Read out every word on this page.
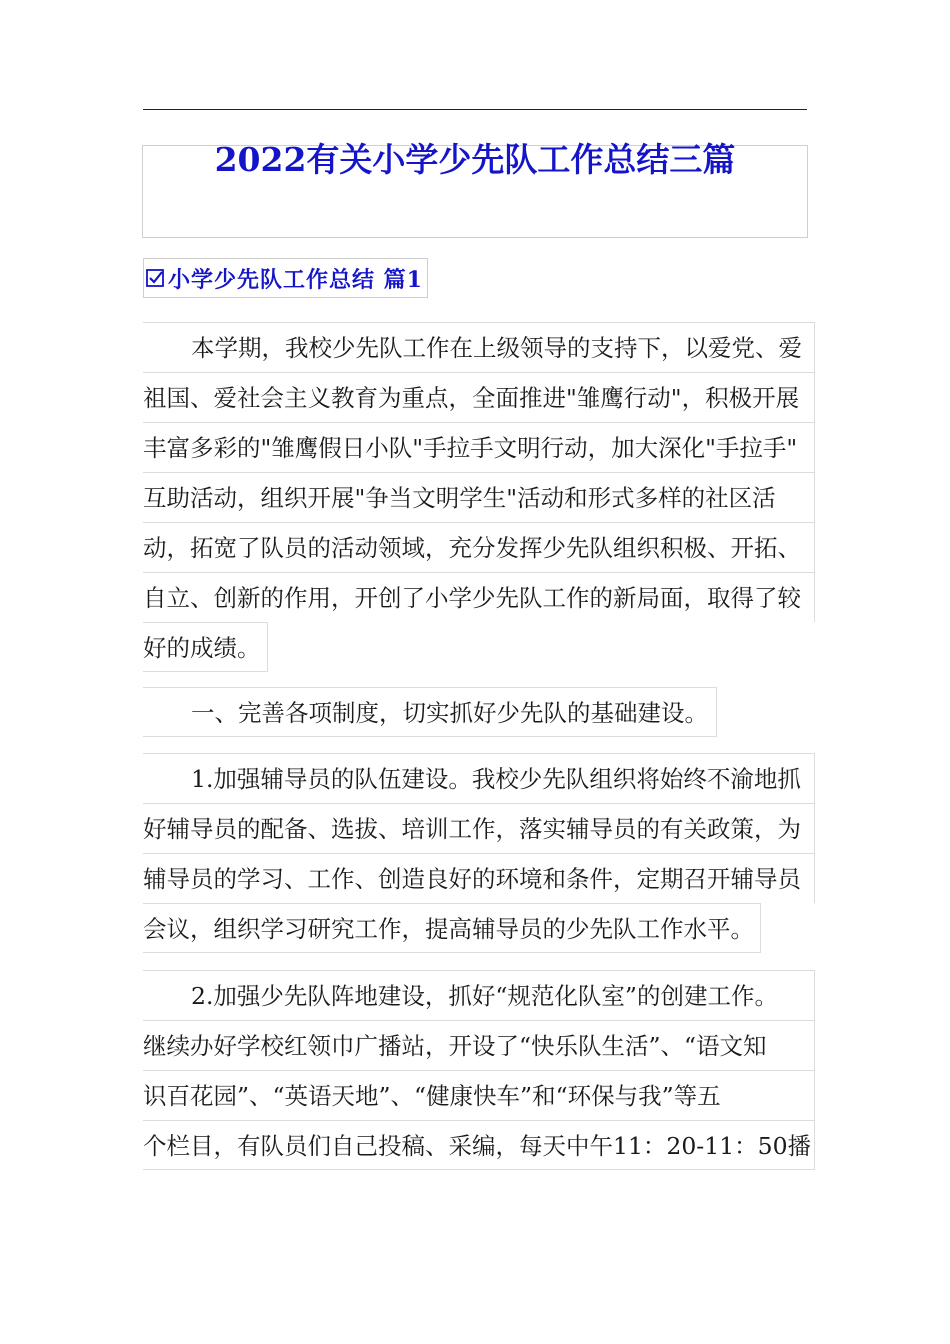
2022有关小学少先队工作总结三篇
小学少先队工作总结 篇1
本学期，我校少先队工作在上级领导的支持下，以爱党、爱
祖国、爱社会主义教育为重点，全面推进"雏鹰行动"，积极开展
丰富多彩的"雏鹰假日小队"手拉手文明行动，加大深化"手拉手"
互助活动，组织开展"争当文明学生"活动和形式多样的社区活
动，拓宽了队员的活动领域，充分发挥少先队组织积极、开拓、
自立、创新的作用，开创了小学少先队工作的新局面，取得了较
好的成绩。
一、完善各项制度，切实抓好少先队的基础建设。
1.加强辅导员的队伍建设。我校少先队组织将始终不渝地抓
好辅导员的配备、选拔、培训工作，落实辅导员的有关政策，为
辅导员的学习、工作、创造良好的环境和条件，定期召开辅导员
会议，组织学习研究工作，提高辅导员的少先队工作水平。
2.加强少先队阵地建设，抓好“规范化队室”的创建工作。
继续办好学校红领巾广播站，开设了“快乐队生活”、“语文知
识百花园”、“英语天地”、“健康快车”和“环保与我”等五
个栏目，有队员们自己投稿、采编，每天中午11：20-11：50播
